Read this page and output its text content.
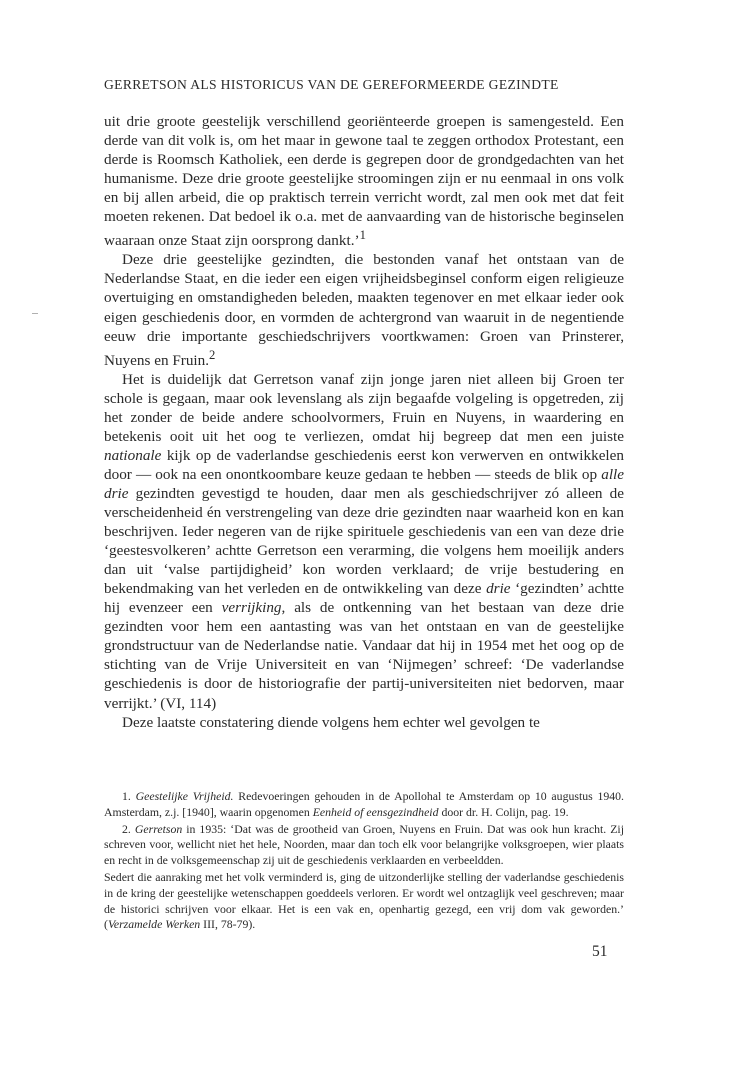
GERRETSON ALS HISTORICUS VAN DE GEREFORMEERDE GEZINDTE

uit drie groote geestelijk verschillend georiënteerde groepen is samengesteld. Een derde van dit volk is, om het maar in gewone taal te zeggen orthodox Protestant, een derde is Roomsch Katholiek, een derde is gegrepen door de grondgedachten van het humanisme. Deze drie groote geestelijke stroomingen zijn er nu eenmaal in ons volk en bij allen arbeid, die op praktisch terrein verricht wordt, zal men ook met dat feit moeten rekenen. Dat bedoel ik o.a. met de aanvaarding van de historische beginselen waaraan onze Staat zijn oorsprong dankt.’$^1$

Deze drie geestelijke gezindten, die bestonden vanaf het ontstaan van de Nederlandse Staat, en die ieder een eigen vrijheidsbeginsel conform eigen religieuze overtuiging en omstandigheden beleden, maakten tegenover en met elkaar ieder ook eigen geschiedenis door, en vormden de achtergrond van waaruit in de negentiende eeuw drie importante geschiedschrijvers voortkwamen: Groen van Prinsterer, Nuyens en Fruin.$^2$

Het is duidelijk dat Gerretson vanaf zijn jonge jaren niet alleen bij Groen ter schole is gegaan, maar ook levenslang als zijn begaafde volgeling is opgetreden, zij het zonder de beide andere schoolvormers, Fruin en Nuyens, in waardering en betekenis ooit uit het oog te verliezen, omdat hij begreep dat men een juiste nationale kijk op de vaderlandse geschiedenis eerst kon verwerven en ontwikkelen door — ook na een onontkoombare keuze gedaan te hebben — steeds de blik op alle drie gezindten gevestigd te houden, daar men als geschiedschrijver zó alleen de verscheidenheid én verstrengeling van deze drie gezindten naar waarheid kon en kan beschrijven. Ieder negeren van de rijke spirituele geschiedenis van een van deze drie ‘geestesvolkeren’ achtte Gerretson een verarming, die volgens hem moeilijk anders dan uit ‘valse partijdigheid’ kon worden verklaard; de vrije bestudering en bekendmaking van het verleden en de ontwikkeling van deze drie ‘gezindten’ achtte hij evenzeer een verrijking, als de ontkenning van het bestaan van deze drie gezindten voor hem een aantasting was van het ontstaan en van de geestelijke grondstructuur van de Nederlandse natie. Vandaar dat hij in 1954 met het oog op de stichting van de Vrije Universiteit en van ‘Nijmegen’ schreef: ‘De vaderlandse geschiedenis is door de historiografie der partij-universiteiten niet bedorven, maar verrijkt.’ (VI, 114)

Deze laatste constatering diende volgens hem echter wel gevolgen te

1. Geestelijke Vrijheid. Redevoeringen gehouden in de Apollohal te Amsterdam op 10 augustus 1940. Amsterdam, z.j. [1940], waarin opgenomen Eenheid of eensgezindheid door dr. H. Colijn, pag. 19.

2. Gerretson in 1935: ‘Dat was de grootheid van Groen, Nuyens en Fruin. Dat was ook hun kracht. Zij schreven voor, wellicht niet het hele, Noorden, maar dan toch elk voor belangrijke volksgroepen, wier plaats en recht in de volksgemeenschap zij uit de geschiedenis verklaarden en verbeeldden.

Sedert die aanraking met het volk verminderd is, ging de uitzonderlijke stelling der vaderlandse geschiedenis in de kring der geestelijke wetenschappen goeddeels verloren. Er wordt wel ontzaglijk veel geschreven; maar de historici schrijven voor elkaar. Het is een vak en, openhartig gezegd, een vrij dom vak geworden.’ (Verzamelde Werken III, 78-79).

51
